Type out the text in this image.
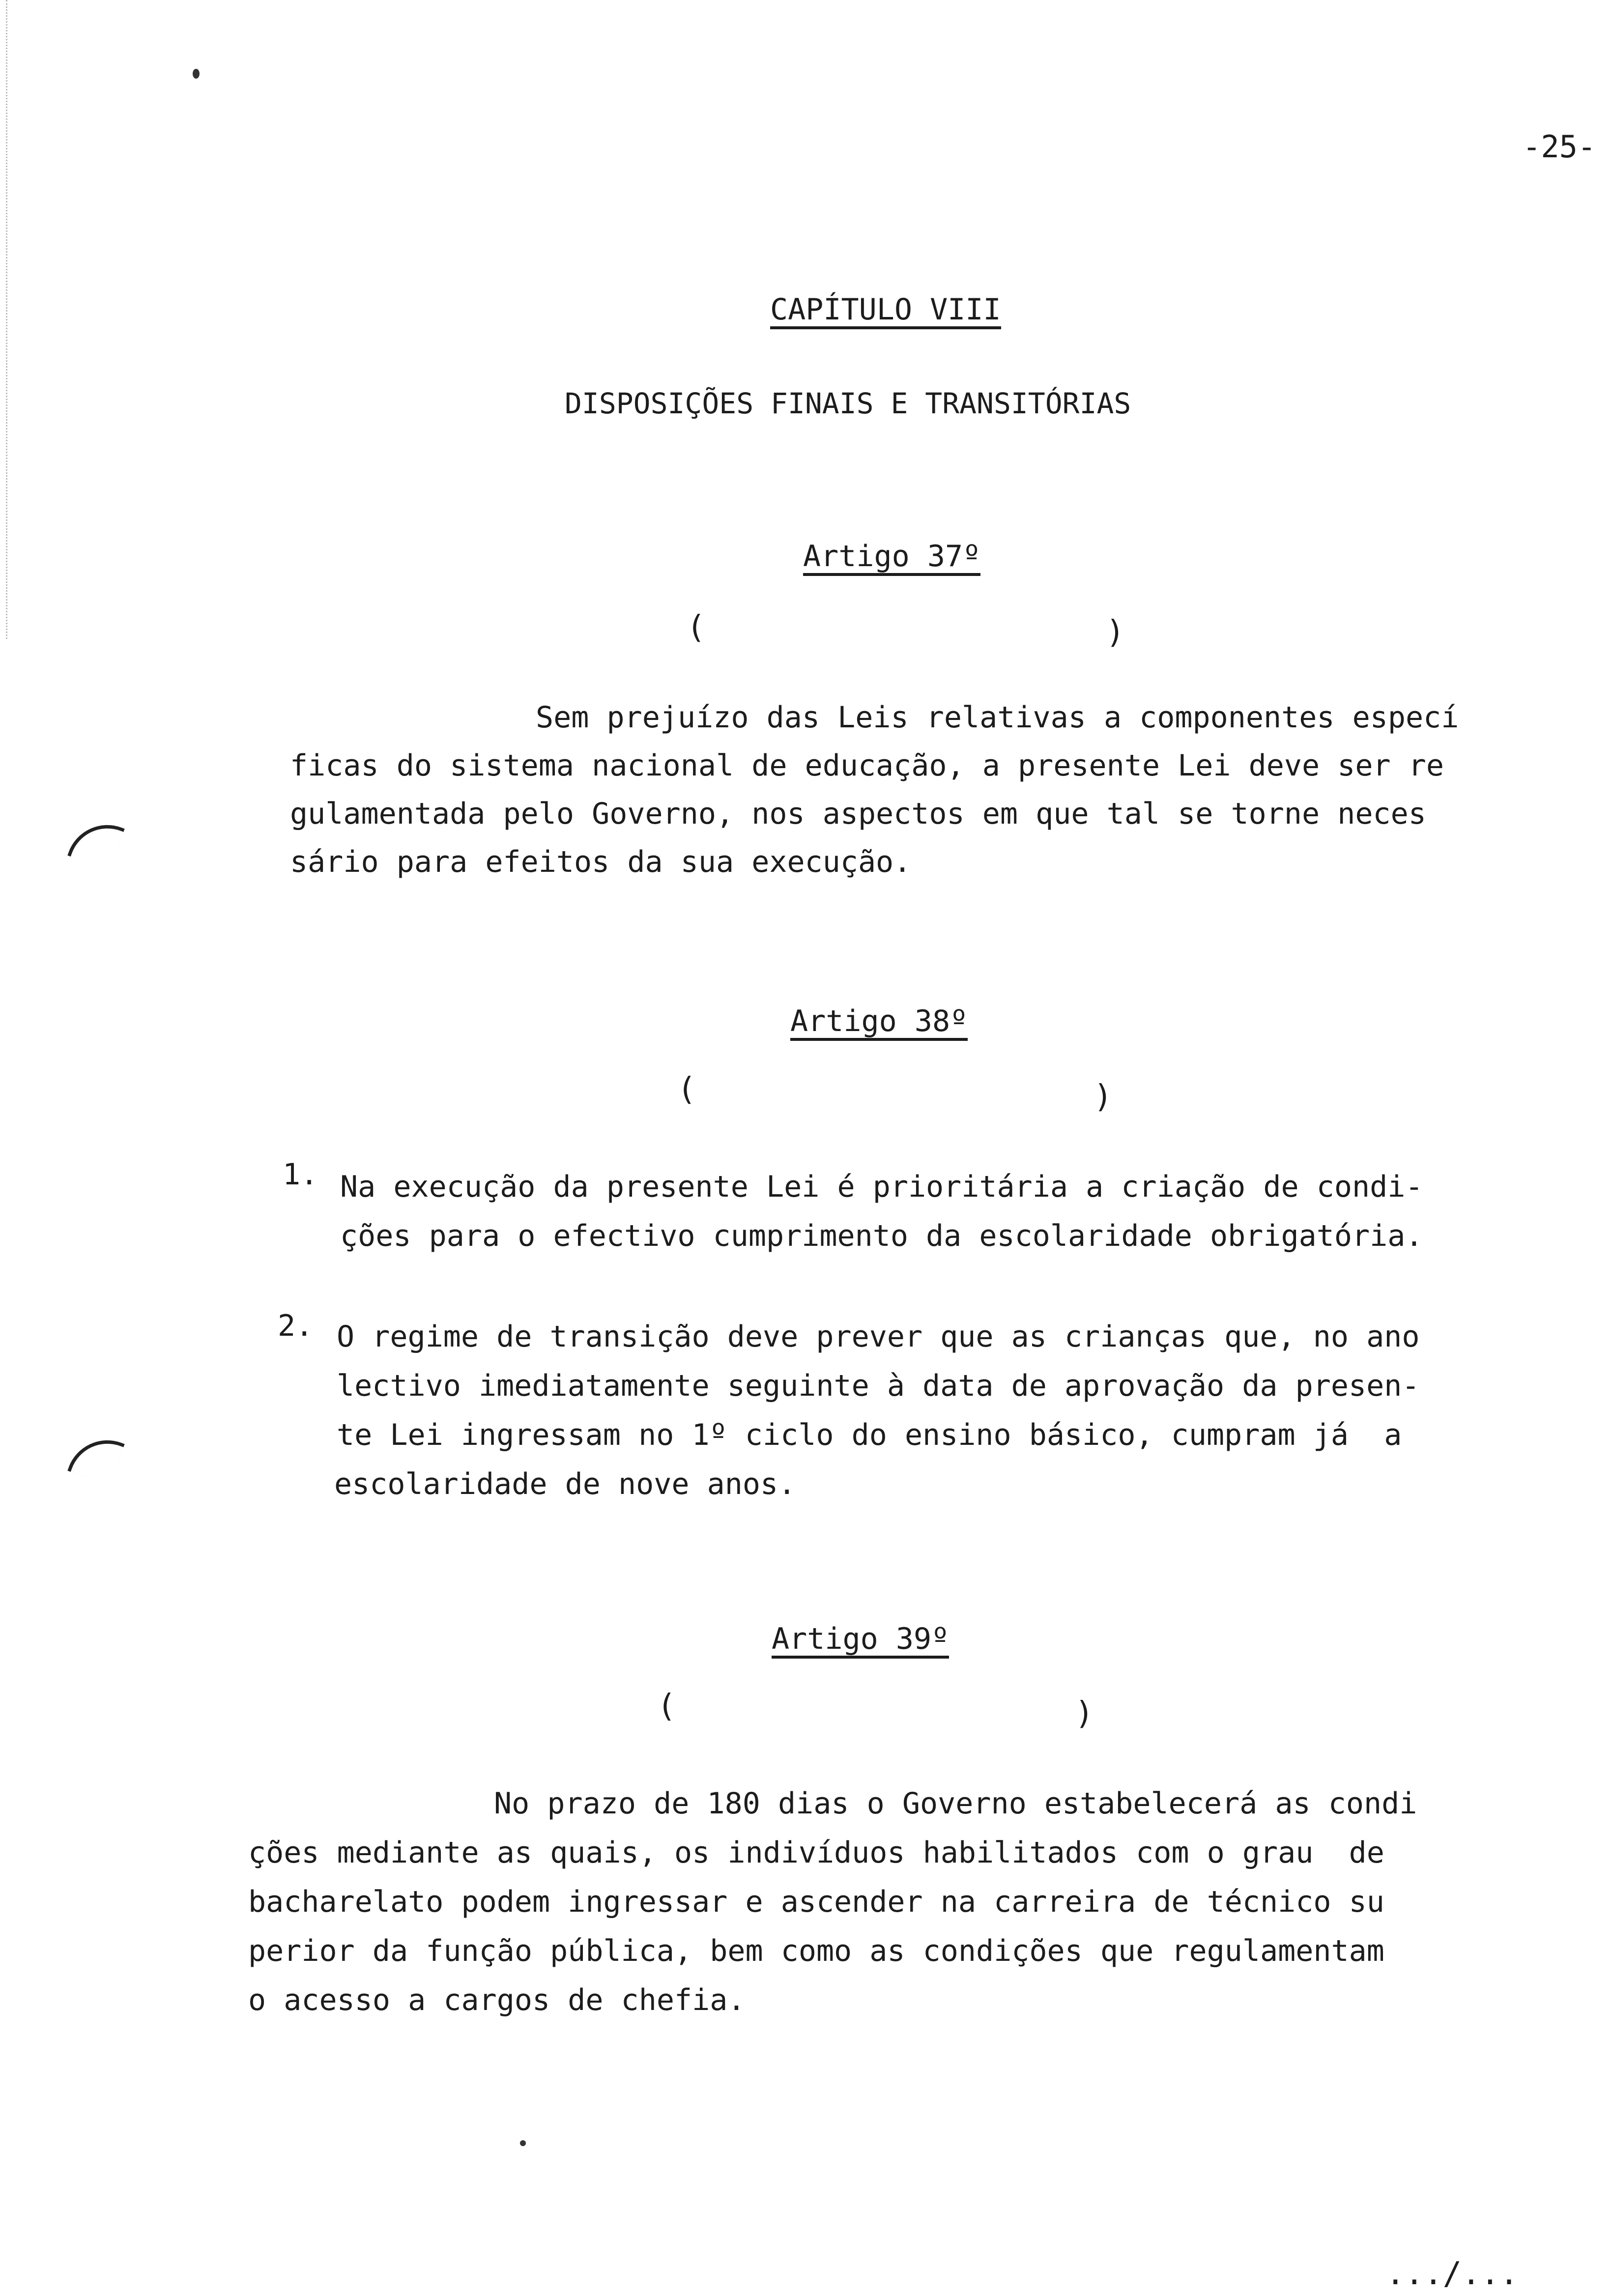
-25-

CAPÍTULO VIII

DISPOSIÇÕES FINAIS E TRANSITÓRIAS

Artigo 37º

(	)

Sem prejuízo das Leis relativas a componentes especí

ficas do sistema nacional de educação, a presente Lei deve ser re

gulamentada pelo Governo, nos aspectos em que tal se torne neces

sário para efeitos da sua execução.

Artigo 38º

(	)

1. Na execução da presente Lei é prioritária a criação de condi-

ções para o efectivo cumprimento da escolaridade obrigatória.

2. O regime de transição deve prever que as crianças que, no ano

lectivo imediatamente seguinte à data de aprovação da presen-

te Lei ingressam no 1º ciclo do ensino básico, cumpram já  a

escolaridade de nove anos.

Artigo 39º

(	)

No prazo de 180 dias o Governo estabelecerá as condi

ções mediante as quais, os indivíduos habilitados com o grau  de

bacharelato podem ingressar e ascender na carreira de técnico su

perior da função pública, bem como as condições que regulamentam

o acesso a cargos de chefia.

.../...
